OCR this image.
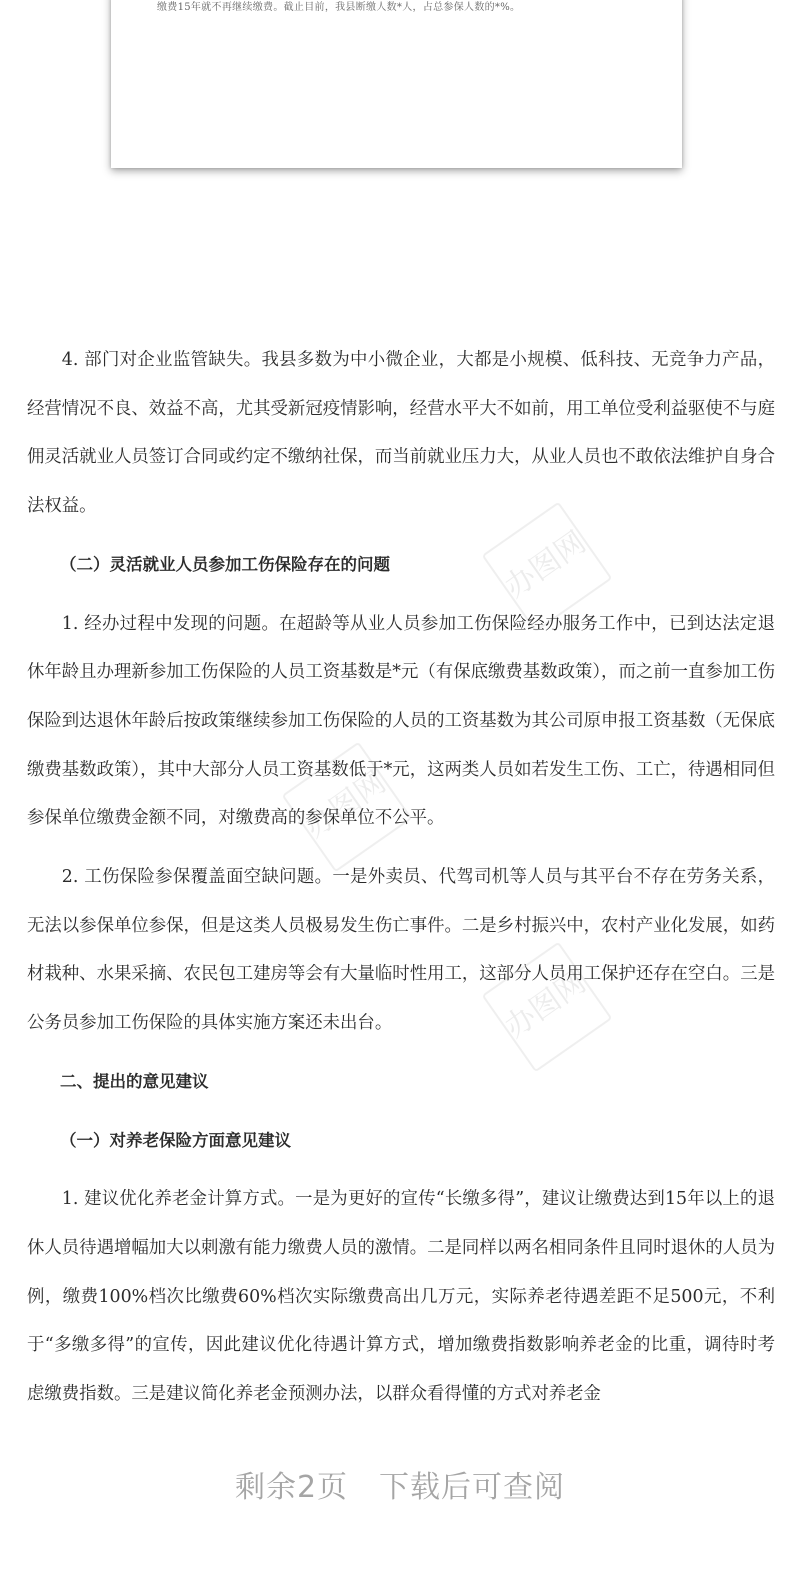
缴费15年就不再继续缴费。截止目前，我县断缴人数*人，占总参保人数的*%。
办图网
办图网
办图网

4. 部门对企业监管缺失。我县多数为中小微企业，大都是小规模、低科技、无竞争力产品，经营情况不良、效益不高，尤其受新冠疫情影响，经营水平大不如前，用工单位受利益驱使不与庭佣灵活就业人员签订合同或约定不缴纳社保，而当前就业压力大，从业人员也不敢依法维护自身合法权益。

（二）灵活就业人员参加工伤保险存在的问题

1. 经办过程中发现的问题。在超龄等从业人员参加工伤保险经办服务工作中，已到达法定退休年龄且办理新参加工伤保险的人员工资基数是*元（有保底缴费基数政策），而之前一直参加工伤保险到达退休年龄后按政策继续参加工伤保险的人员的工资基数为其公司原申报工资基数（无保底缴费基数政策），其中大部分人员工资基数低于*元，这两类人员如若发生工伤、工亡，待遇相同但参保单位缴费金额不同，对缴费高的参保单位不公平。

2. 工伤保险参保覆盖面空缺问题。一是外卖员、代驾司机等人员与其平台不存在劳务关系，无法以参保单位参保，但是这类人员极易发生伤亡事件。二是乡村振兴中，农村产业化发展，如药材栽种、水果采摘、农民包工建房等会有大量临时性用工，这部分人员用工保护还存在空白。三是公务员参加工伤保险的具体实施方案还未出台。

二、提出的意见建议

（一）对养老保险方面意见建议

1. 建议优化养老金计算方式。一是为更好的宣传“长缴多得”，建议让缴费达到15年以上的退休人员待遇增幅加大以刺激有能力缴费人员的激情。二是同样以两名相同条件且同时退休的人员为例，缴费100%档次比缴费60%档次实际缴费高出几万元，实际养老待遇差距不足500元，不利于“多缴多得”的宣传，因此建议优化待遇计算方式，增加缴费指数影响养老金的比重，调待时考虑缴费指数。三是建议简化养老金预测办法，以群众看得懂的方式对养老金

剩余2页　下载后可查阅
